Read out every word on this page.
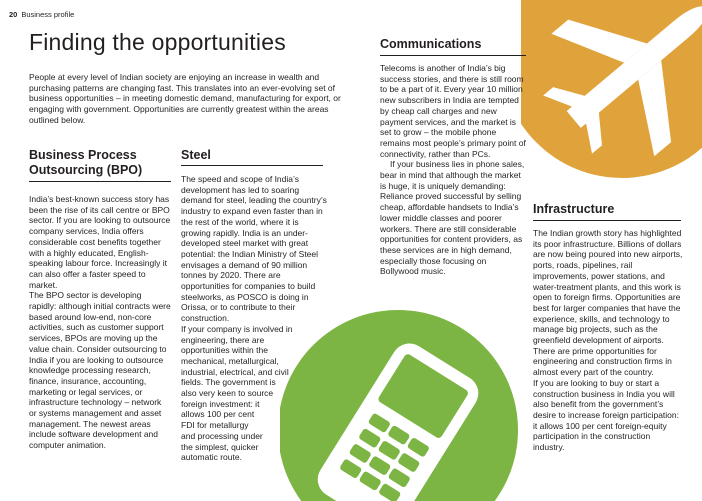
20 Business profile
Finding the opportunities
People at every level of Indian society are enjoying an increase in wealth and purchasing patterns are changing fast. This translates into an ever-evolving set of business opportunities – in meeting domestic demand, manufacturing for export, or engaging with government. Opportunities are currently greatest within the areas outlined below.
Business Process
Outsourcing (BPO)

India’s best-known success story has been the rise of its call centre or BPO sector. If you are looking to outsource company services, India offers considerable cost benefits together with a highly educated, English-speaking labour force. Increasingly it can also offer a faster speed to market.

The BPO sector is developing rapidly: although initial contracts were based around low-end, non-core activities, such as customer support services, BPOs are moving up the value chain. Consider outsourcing to India if you are looking to outsource knowledge processing research, finance, insurance, accounting, marketing or legal services, or infrastructure technology – network or systems management and asset management. The newest areas include software development and computer animation.

Steel

The speed and scope of India’s development has led to soaring demand for steel, leading the country’s industry to expand even faster than in the rest of the world, where it is growing rapidly. India is an under-developed steel market with great potential: the Indian Ministry of Steel envisages a demand of 90 million tonnes by 2020. There are opportunities for companies to build steelworks, as POSCO is doing in Orissa, or to contribute to their construction.

If your company is involved in
engineering, there are
opportunities within the
mechanical, metallurgical,
industrial, electrical, and civil
fields. The government is
also very keen to source
foreign investment: it
allows 100 per cent
FDI for metallurgy
and processing under
the simplest, quicker
automatic route.
Communications

Telecoms is another of India’s big success stories, and there is still room to be a part of it. Every year 10 million new subscribers in India are tempted by cheap call charges and new payment services, and the market is set to grow – the mobile phone remains most people’s primary point of connectivity, rather than PCs.

If your business lies in phone sales, bear in mind that although the market is huge, it is uniquely demanding: Reliance proved successful by selling cheap, affordable handsets to India’s lower middle classes and poorer workers. There are still considerable opportunities for content providers, as these services are in high demand, especially those focusing on Bollywood music.

Infrastructure

The Indian growth story has highlighted its poor infrastructure. Billions of dollars are now being poured into new airports, ports, roads, pipelines, rail improvements, power stations, and water-treatment plants, and this work is open to foreign firms. Opportunities are best for larger companies that have the experience, skills, and technology to manage big projects, such as the greenfield development of airports. There are prime opportunities for engineering and construction firms in almost every part of the country.

If you are looking to buy or start a construction business in India you will also benefit from the government’s desire to increase foreign participation: it allows 100 per cent foreign-equity participation in the construction industry.
